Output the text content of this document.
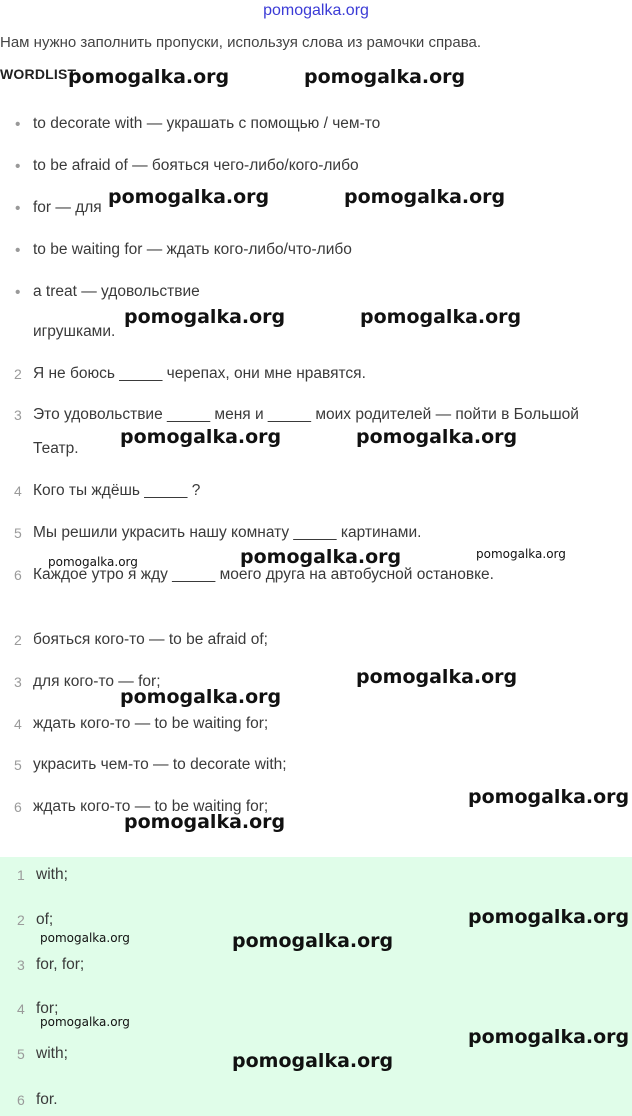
pomogalka.org
Нам нужно заполнить пропуски, используя слова из рамочки справа.
WORDLIST
• to decorate with — украшать с помощью / чем-то
• to be afraid of — бояться чего-либо/кого-либо
• for — для
• to be waiting for — ждать кого-либо/что-либо
• a treat — удовольствие
игрушками.
2 Я не боюсь _____ черепах, они мне нравятся.
3 Это удовольствие _____ меня и _____ моих родителей — пойти в Большой
Театр.
4 Кого ты ждёшь _____ ?
5 Мы решили украсить нашу комнату _____ картинами.
6 Каждое утро я жду _____ моего друга на автобусной остановке.
2 бояться кого-то — to be afraid of;
3 для кого-то — for;
4 ждать кого-то — to be waiting for;
5 украсить чем-то — to decorate with;
6 ждать кого-то — to be waiting for;
1 with;
2 of;
3 for, for;
4 for;
5 with;
6 for.
pomogalka.org	pomogalka.org
pomogalka.org	pomogalka.org
pomogalka.org	pomogalka.org
pomogalka.org	pomogalka.org
pomogalka.org	pomogalka.org	pomogalka.org
pomogalka.org
pomogalka.org
pomogalka.org
pomogalka.org
pomogalka.org
pomogalka.org	pomogalka.org
pomogalka.org
pomogalka.org
pomogalka.org
